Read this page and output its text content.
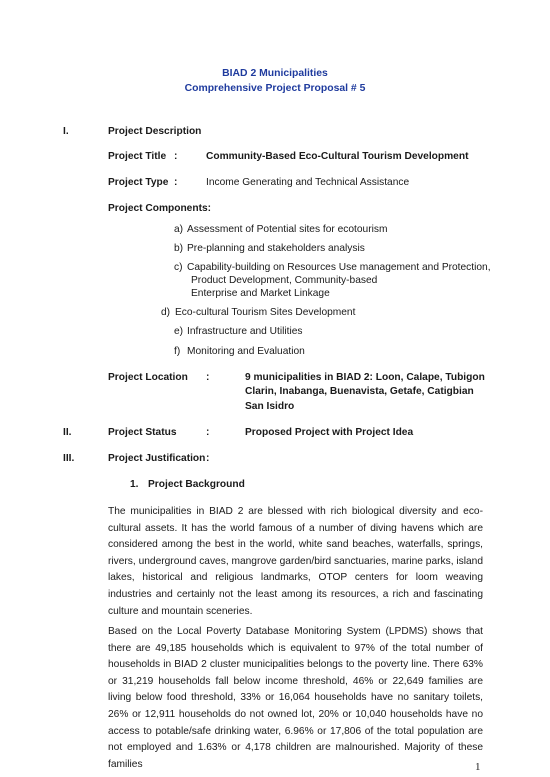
BIAD 2 Municipalities
Comprehensive Project Proposal # 5
I.	Project Description
Project Title :	Community-Based Eco-Cultural Tourism Development
Project Type :	Income Generating and Technical Assistance
Project Components:
a) Assessment of Potential sites for ecotourism
b) Pre-planning and stakeholders analysis
c) Capability-building on Resources Use management and Protection,
Product Development, Community-based
Enterprise and Market Linkage
d) Eco-cultural Tourism Sites Development
e) Infrastructure and Utilities
f) Monitoring and Evaluation
Project Location :	9 municipalities in BIAD 2: Loon, Calape, Tubigon
Clarin, Inabanga, Buenavista, Getafe, Catigbian
San Isidro
II.	Project Status	:	Proposed Project with Project Idea
III.	Project Justification :
1. Project Background
The municipalities in BIAD 2 are blessed with rich biological diversity and eco-cultural assets. It has the world famous of a number of diving havens which are considered among the best in the world, white sand beaches, waterfalls, springs, rivers, underground caves, mangrove garden/bird sanctuaries, marine parks, island lakes, historical and religious landmarks, OTOP centers for loom weaving industries and certainly not the least among its resources, a rich and fascinating culture and mountain sceneries.
Based on the Local Poverty Database Monitoring System (LPDMS) shows that there are 49,185 households which is equivalent to 97% of the total number of households in BIAD 2 cluster municipalities belongs to the poverty line. There 63% or 31,219 households fall below income threshold, 46% or 22,649 families are living below food threshold, 33% or 16,064 households have no sanitary toilets, 26% or 12,911 households do not owned lot, 20% or 10,040 households have no access to potable/safe drinking water, 6.96% or 17,806 of the total population are not employed and 1.63% or 4,178 children are malnourished. Majority of these families	1
